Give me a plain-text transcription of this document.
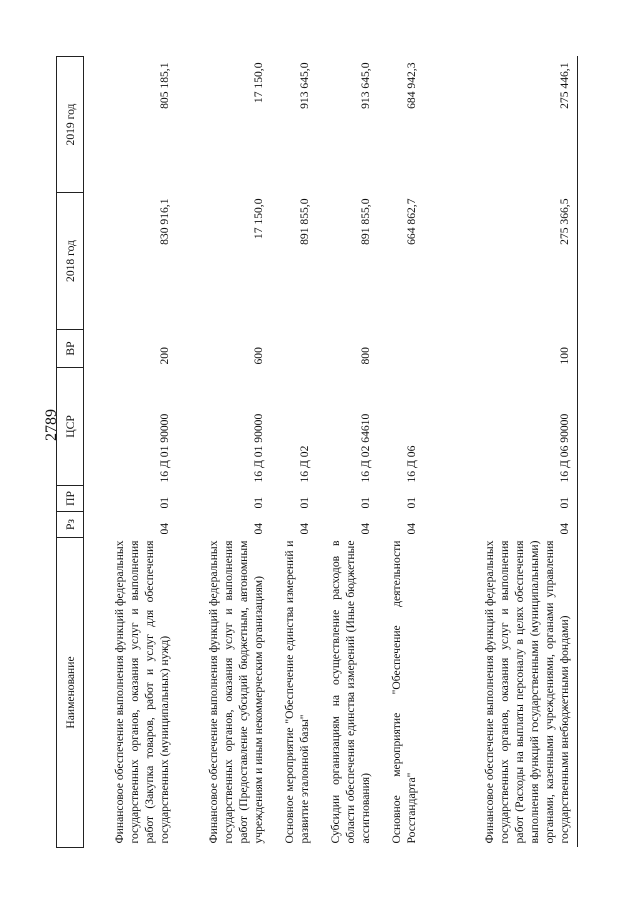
2789
Наименование	Рз	ПР	ЦСР	ВР	2018 год	2019 год
Финансовое обеспечение выполнения функций федеральных государственных органов, оказания услуг и выполнения работ (Закупка товаров, работ и услуг для обеспечения государственных (муниципальных) нужд)	04	01	16 Д 01 90000	200	830 916,1	805 185,1
Финансовое обеспечение выполнения функций федеральных государственных органов, оказания услуг и выполнения работ (Предоставление субсидий бюджетным, автономным учреждениям и иным некоммерческим организациям)	04	01	16 Д 01 90000	600	17 150,0	17 150,0
Основное мероприятие "Обеспечение единства измерений и развитие эталонной базы"	04	01	16 Д 02		891 855,0	913 645,0
Субсидии организациям на осуществление расходов в области обеспечения единства измерений (Иные бюджетные ассигнования)	04	01	16 Д 02 64610	800	891 855,0	913 645,0
Основное мероприятие "Обеспечение деятельности Росстандарта"	04	01	16 Д 06		664 862,7	684 942,3
Финансовое обеспечение выполнения функций федеральных государственных органов, оказания услуг и выполнения работ (Расходы на выплаты персоналу в целях обеспечения выполнения функций государственными (муниципальными) органами, казенными учреждениями, органами управления государственными внебюджетными фондами)	04	01	16 Д 06 90000	100	275 366,5	275 446,1
